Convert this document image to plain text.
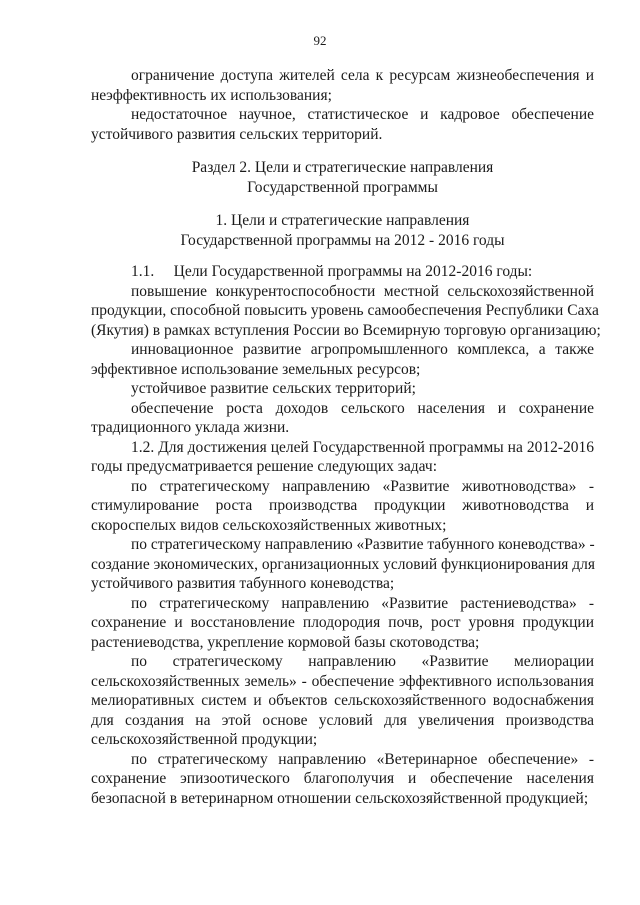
92
ограничение доступа жителей села к ресурсам жизнеобеспечения и
неэффективность их использования;
недостаточное научное, статистическое и кадровое обеспечение
устойчивого развития сельских территорий.
Раздел 2. Цели и стратегические направления
Государственной программы
1. Цели и стратегические направления
Государственной программы на 2012 - 2016 годы
1.1.     Цели Государственной программы на 2012-2016 годы:
повышение конкурентоспособности местной сельскохозяйственной
продукции, способной повысить уровень самообеспечения Республики Саха
(Якутия) в рамках вступления России во Всемирную торговую организацию;
инновационное развитие агропромышленного комплекса, а также
эффективное использование земельных ресурсов;
устойчивое развитие сельских территорий;
обеспечение роста доходов сельского населения и сохранение
традиционного уклада жизни.
1.2. Для достижения целей Государственной программы на 2012-2016
годы предусматривается решение следующих задач:
по стратегическому направлению «Развитие животноводства» -
стимулирование роста производства продукции животноводства и
скороспелых видов сельскохозяйственных животных;
по стратегическому направлению «Развитие табунного коневодства» -
создание экономических, организационных условий функционирования для
устойчивого развития табунного коневодства;
по стратегическому направлению «Развитие растениеводства» -
сохранение и восстановление плодородия почв, рост уровня продукции
растениеводства, укрепление кормовой базы скотоводства;
по стратегическому направлению «Развитие мелиорации
сельскохозяйственных земель» - обеспечение эффективного использования
мелиоративных систем и объектов сельскохозяйственного водоснабжения
для создания на этой основе условий для увеличения производства
сельскохозяйственной продукции;
по стратегическому направлению «Ветеринарное обеспечение» -
сохранение эпизоотического благополучия и обеспечение населения
безопасной в ветеринарном отношении сельскохозяйственной продукцией;
